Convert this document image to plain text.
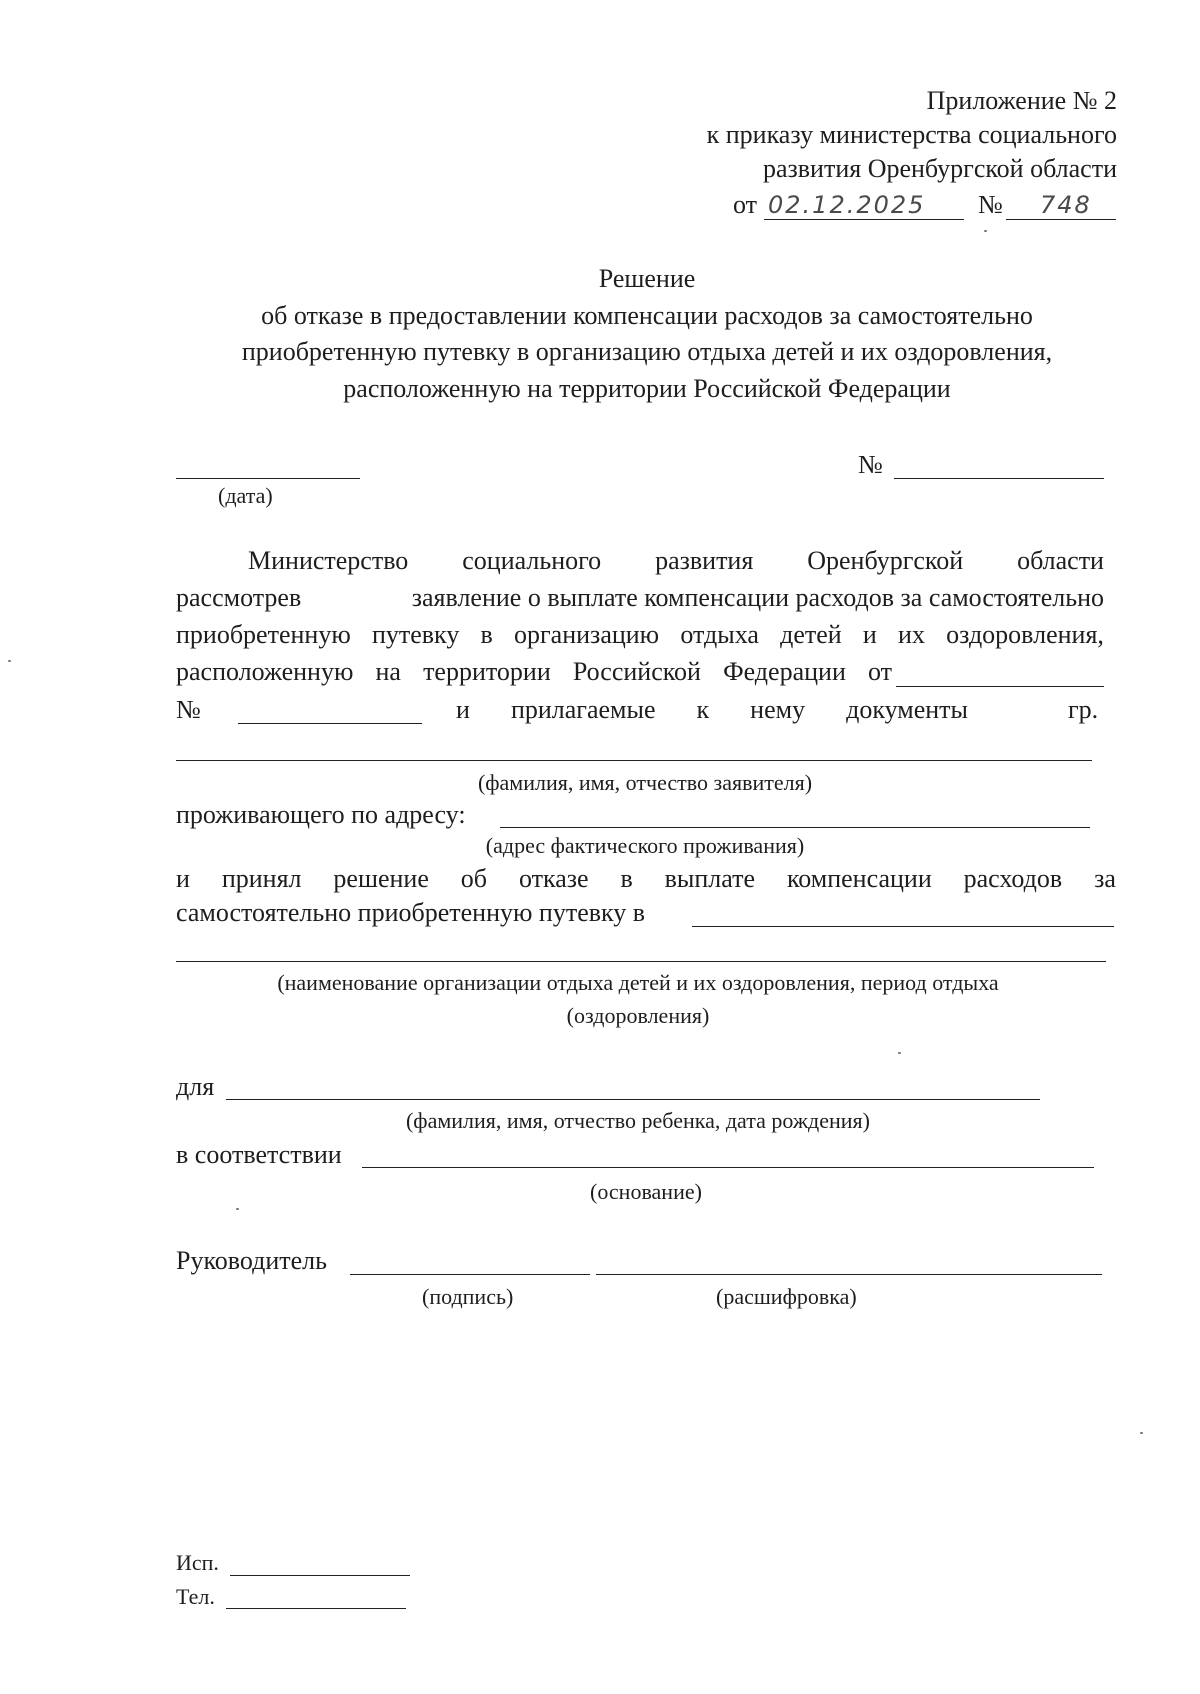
Приложение № 2
к приказу министерства социального
развития Оренбургской области
от 02.12.2025 № 748
Решение
об отказе в предоставлении компенсации расходов за самостоятельно
приобретенную путевку в организацию отдыха детей и их оздоровления,
расположенную на территории Российской Федерации
(дата)
№
Министерство социального развития Оренбургской области
рассмотрев	заявление о выплате компенсации расходов за самостоятельно
приобретенную путевку в организацию отдыха детей и их оздоровления,
расположенную на территории Российской Федерации от
№	и прилагаемые к нему документы	гр.
(фамилия, имя, отчество заявителя)
проживающего по адресу:
(адрес фактического проживания)
и принял решение об отказе в выплате компенсации расходов за
самостоятельно приобретенную путевку в
(наименование организации отдыха детей и их оздоровления, период отдыха
(оздоровления)
для
(фамилия, имя, отчество ребенка, дата рождения)
в соответствии
(основание)
Руководитель
(подпись)	(расшифровка)
Исп.
Тел.
